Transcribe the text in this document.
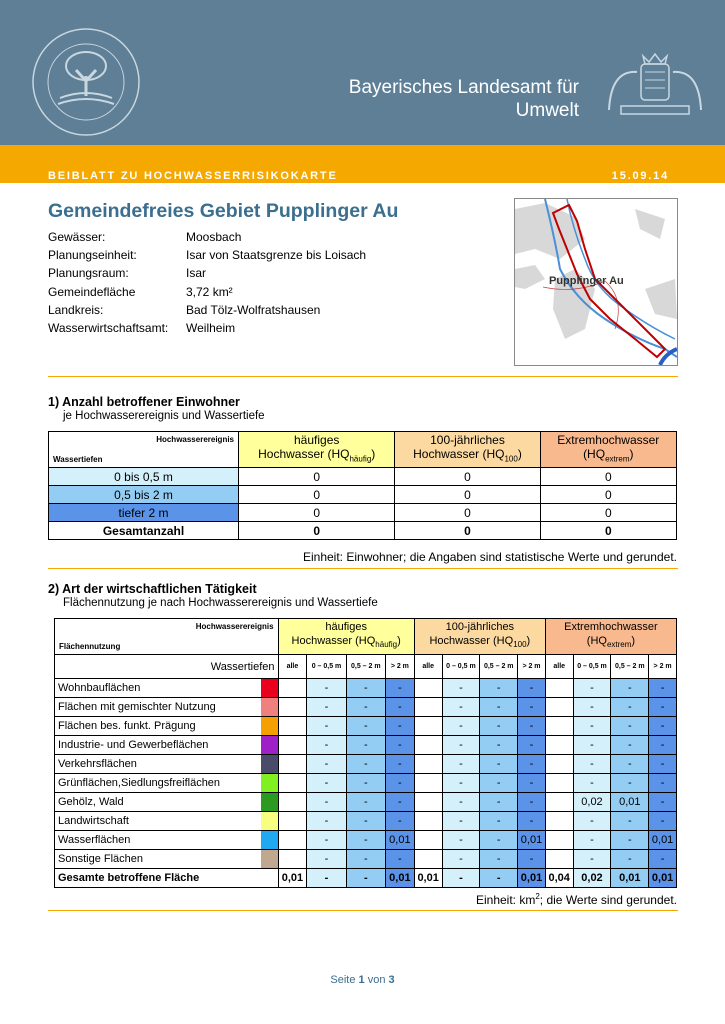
Bayerisches Landesamt für
Umwelt
BEIBLATT ZU HOCHWASSERRISIKOKARTE	15.09.14
Gemeindefreies Gebiet Pupplinger Au
Gewässer:	Moosbach
Planungseinheit:	Isar von Staatsgrenze bis Loisach
Planungsraum:	Isar
Gemeindefläche	3,72 km²
Landkreis:	Bad Tölz-Wolfratshausen
Wasserwirtschaftsamt:	Weilheim
Pupplinger Au
1) Anzahl betroffener Einwohner
je Hochwasserereignis und Wassertiefe
Hochwasserereignis
Wassertiefen	häufiges
Hochwasser $(HQ_{häufig})$	100-jährliches
Hochwasser $(HQ_{100})$	Extremhochwasser
$(HQ_{extrem})$
0 bis 0,5 m	0	0	0
0,5 bis 2 m	0	0	0
tiefer 2 m	0	0	0
Gesamtanzahl	0	0	0
Einheit: Einwohner; die Angaben sind statistische Werte und gerundet.
2) Art der wirtschaftlichen Tätigkeit
Flächennutzung je nach Hochwasserereignis und Wassertiefe
Hochwasserereignis
Flächennutzung		häufiges
Hochwasser $(HQ_{häufig})$				100-jährliches
Hochwasser $(HQ_{100})$				Extremhochwasser
$(HQ_{extrem})$			
Wassertiefen		alle	0 – 0,5 m	0,5 – 2 m	> 2 m	alle	0 – 0,5 m	0,5 – 2 m	> 2 m	alle	0 – 0,5 m	0,5 – 2 m	> 2 m
Wohnbauflächen			-	-	-		-	-	-		-	-	-
Flächen mit gemischter Nutzung			-	-	-		-	-	-		-	-	-
Flächen bes. funkt. Prägung			-	-	-		-	-	-		-	-	-
Industrie- und Gewerbeflächen			-	-	-		-	-	-		-	-	-
Verkehrsflächen			-	-	-		-	-	-		-	-	-
Grünflächen,Siedlungsfreiflächen			-	-	-		-	-	-		-	-	-
Gehölz, Wald			-	-	-		-	-	-		0,02	0,01	-
Landwirtschaft			-	-	-		-	-	-		-	-	-
Wasserflächen			-	-	0,01		-	-	0,01		-	-	0,01
Sonstige Flächen			-	-	-		-	-	-		-	-	-
Gesamte betroffene Fläche		0,01	-	-	0,01	0,01	-	-	0,01	0,04	0,02	0,01	0,01
Einheit: $km^2$; die Werte sind gerundet.
Seite 1 von 3
